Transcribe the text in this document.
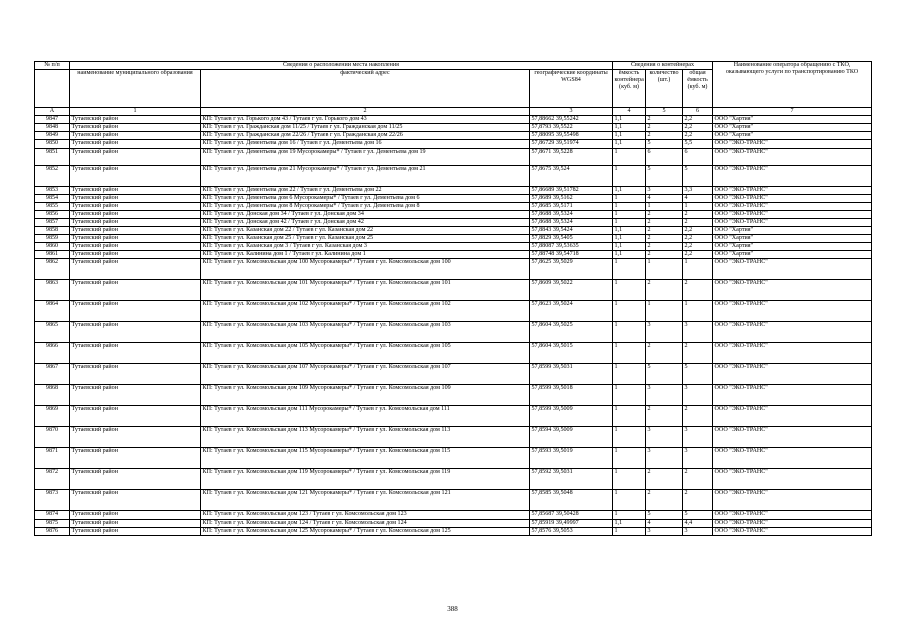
№ п/п	Сведения о расположении места накопления			Сведения о контейнерах			Наименование оператора обращению с ТКО, оказывающего услуги по транспортированию ТКО
	наименование муниципального образования	фактический адрес	географические координаты WGS84	ёмкость контейнера (куб. м)	количество (шт.)	общая ёмкость (куб. м)	
А	1	2	3	4	5	6	7
9847	Тутаевский район	КП: Тутаев г ул. Горького дом 43 / Тутаев г ул. Горького дом 43	57,88662 39,55242	1,1	2	2,2	ООО "Хартия"
9848	Тутаевский район	КП: Тутаев г ул. Гражданская дом 11/25 / Тутаев г ул. Гражданская дом 11/25	57,8793 39,5522	1,1	2	2,2	ООО "Хартия"
9849	Тутаевский район	КП: Тутаев г ул. Гражданская дом 22/26 / Тутаев г ул. Гражданская дом 22/26	57,88095 39,55498	1,1	2	2,2	ООО "Хартия"
9850	Тутаевский район	КП: Тутаев г ул. Дементьева дом 16 / Тутаев г ул. Дементьева дом 16	57,86729 39,51974	1,1	5	5,5	ООО "ЭКО-ТРАНС"
9851	Тутаевский район	КП: Тутаев г ул. Дементьева дом 19 Мусорокамеры* / Тутаев г ул. Дементьева дом 19	57,8671 39,5228	1	6	6	ООО "ЭКО-ТРАНС"
9852	Тутаевский район	КП: Тутаев г ул. Дементьева дом 21 Мусорокамеры* / Тутаев г ул. Дементьева дом 21	57,8675 39,524	1	5	5	ООО "ЭКО-ТРАНС"
9853	Тутаевский район	КП: Тутаев г ул. Дементьева дом 22 / Тутаев г ул. Дементьева дом 22	57,86689 39,51782	1,1	3	3,3	ООО "ЭКО-ТРАНС"
9854	Тутаевский район	КП: Тутаев г ул. Дементьева дом 6 Мусорокамеры* / Тутаев г ул. Дементьева дом 6	57,8689 39,5162	1	4	4	ООО "ЭКО-ТРАНС"
9855	Тутаевский район	КП: Тутаев г ул. Дементьева дом 8 Мусорокамеры* / Тутаев г ул. Дементьева дом 8	57,8685 39,5171	1	1	1	ООО "ЭКО-ТРАНС"
9856	Тутаевский район	КП: Тутаев г ул. Донская дом 34 / Тутаев г ул. Донская дом 34	57,8688 39,5324	1	2	2	ООО "ЭКО-ТРАНС"
9857	Тутаевский район	КП: Тутаев г ул. Донская дом 42 / Тутаев г ул. Донская дом 42	57,8688 39,5324	1	2	2	ООО "ЭКО-ТРАНС"
9858	Тутаевский район	КП: Тутаев г ул. Казанская дом 22 / Тутаев г ул. Казанская дом 22	57,8843 39,5424	1,1	2	2,2	ООО "Хартия"
9859	Тутаевский район	КП: Тутаев г ул. Казанская дом 25 / Тутаев г ул. Казанская дом 25	57,8829 39,5405	1,1	2	2,2	ООО "Хартия"
9860	Тутаевский район	КП: Тутаев г ул. Казанская дом 3 / Тутаев г ул. Казанская дом 3	57,88087 39,53635	1,1	2	2,2	ООО "Хартия"
9861	Тутаевский район	КП: Тутаев г ул. Калинина дом 1 / Тутаев г ул. Калинина дом 1	57,88748 39,54718	1,1	2	2,2	ООО "Хартия"
9862	Тутаевский район	КП: Тутаев г ул. Комсомольская дом 100 Мусорокамеры* / Тутаев г ул. Комсомольская дом 100	57,8625 39,5029	1	1	1	ООО "ЭКО-ТРАНС"
9863	Тутаевский район	КП: Тутаев г ул. Комсомольская дом 101 Мусорокамеры* / Тутаев г ул. Комсомольская дом 101	57,8609 39,5022	1	2	2	ООО "ЭКО-ТРАНС"
9864	Тутаевский район	КП: Тутаев г ул. Комсомольская дом 102 Мусорокамеры* / Тутаев г ул. Комсомольская дом 102	57,8623 39,5024	1	1	1	ООО "ЭКО-ТРАНС"
9865	Тутаевский район	КП: Тутаев г ул. Комсомольская дом 103 Мусорокамеры* / Тутаев г ул. Комсомольская дом 103	57,8604 39,5025	1	3	3	ООО "ЭКО-ТРАНС"
9866	Тутаевский район	КП: Тутаев г ул. Комсомольская дом 105 Мусорокамеры* / Тутаев г ул. Комсомольская дом 105	57,8604 39,5015	1	2	2	ООО "ЭКО-ТРАНС"
9867	Тутаевский район	КП: Тутаев г ул. Комсомольская дом 107 Мусорокамеры* / Тутаев г ул. Комсомольская дом 107	57,8599 39,5031	1	5	5	ООО "ЭКО-ТРАНС"
9868	Тутаевский район	КП: Тутаев г ул. Комсомольская дом 109 Мусорокамеры* / Тутаев г ул. Комсомольская дом 109	57,8599 39,5018	1	3	3	ООО "ЭКО-ТРАНС"
9869	Тутаевский район	КП: Тутаев г ул. Комсомольская дом 111 Мусорокамеры* / Тутаев г ул. Комсомольская дом 111	57,8599 39,5009	1	2	2	ООО "ЭКО-ТРАНС"
9870	Тутаевский район	КП: Тутаев г ул. Комсомольская дом 113 Мусорокамеры* / Тутаев г ул. Комсомольская дом 113	57,8594 39,5009	1	3	3	ООО "ЭКО-ТРАНС"
9871	Тутаевский район	КП: Тутаев г ул. Комсомольская дом 115 Мусорокамеры* / Тутаев г ул. Комсомольская дом 115	57,8593 39,5019	1	3	3	ООО "ЭКО-ТРАНС"
9872	Тутаевский район	КП: Тутаев г ул. Комсомольская дом 119 Мусорокамеры* / Тутаев г ул. Комсомольская дом 119	57,8592 39,5031	1	2	2	ООО "ЭКО-ТРАНС"
9873	Тутаевский район	КП: Тутаев г ул. Комсомольская дом 121 Мусорокамеры* / Тутаев г ул. Комсомольская дом 121	57,8585 39,5048	1	2	2	ООО "ЭКО-ТРАНС"
9874	Тутаевский район	КП: Тутаев г ул. Комсомольская дом 123 / Тутаев г ул. Комсомольская дом 123	57,85687 39,50428	1	5	5	ООО "ЭКО-ТРАНС"
9875	Тутаевский район	КП: Тутаев г ул. Комсомольская дом 124 / Тутаев г ул. Комсомольская дом 124	57,85919 39,49997	1,1	4	4,4	ООО "ЭКО-ТРАНС"
9876	Тутаевский район	КП: Тутаев г ул. Комсомольская дом 125 Мусорокамеры* / Тутаев г ул. Комсомольская дом 125	57,8576 39,5053	1	3	3	ООО "ЭКО-ТРАНС"
388
